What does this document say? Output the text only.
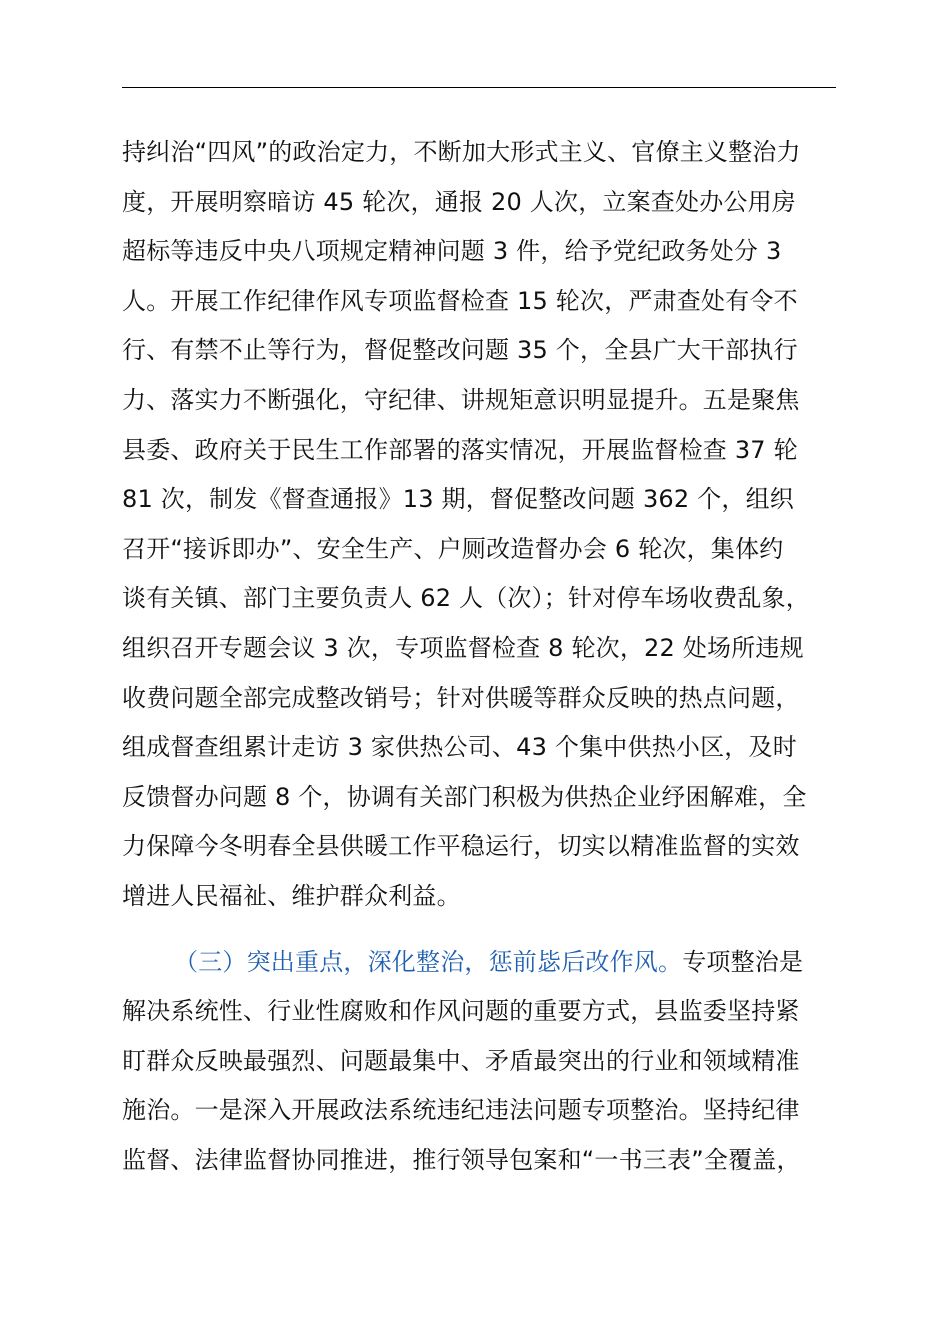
持纠治“四风”的政治定力，不断加大形式主义、官僚主义整治力
度，开展明察暗访 45 轮次，通报 20 人次，立案查处办公用房
超标等违反中央八项规定精神问题 3 件，给予党纪政务处分 3
人。开展工作纪律作风专项监督检查 15 轮次，严肃查处有令不
行、有禁不止等行为，督促整改问题 35 个，全县广大干部执行
力、落实力不断强化，守纪律、讲规矩意识明显提升。五是聚焦
县委、政府关于民生工作部署的落实情况，开展监督检查 37 轮
81 次，制发《督查通报》13 期，督促整改问题 362 个，组织
召开“接诉即办”、安全生产、户厕改造督办会 6 轮次，集体约
谈有关镇、部门主要负责人 62 人（次）；针对停车场收费乱象，
组织召开专题会议 3 次，专项监督检查 8 轮次，22 处场所违规
收费问题全部完成整改销号；针对供暖等群众反映的热点问题，
组成督查组累计走访 3 家供热公司、43 个集中供热小区，及时
反馈督办问题 8 个，协调有关部门积极为供热企业纾困解难，全
力保障今冬明春全县供暖工作平稳运行，切实以精准监督的实效
增进人民福祉、维护群众利益。
（三）突出重点，深化整治，惩前毖后改作风。专项整治是
解决系统性、行业性腐败和作风问题的重要方式，县监委坚持紧
盯群众反映最强烈、问题最集中、矛盾最突出的行业和领域精准
施治。一是深入开展政法系统违纪违法问题专项整治。坚持纪律
监督、法律监督协同推进，推行领导包案和“一书三表”全覆盖，
